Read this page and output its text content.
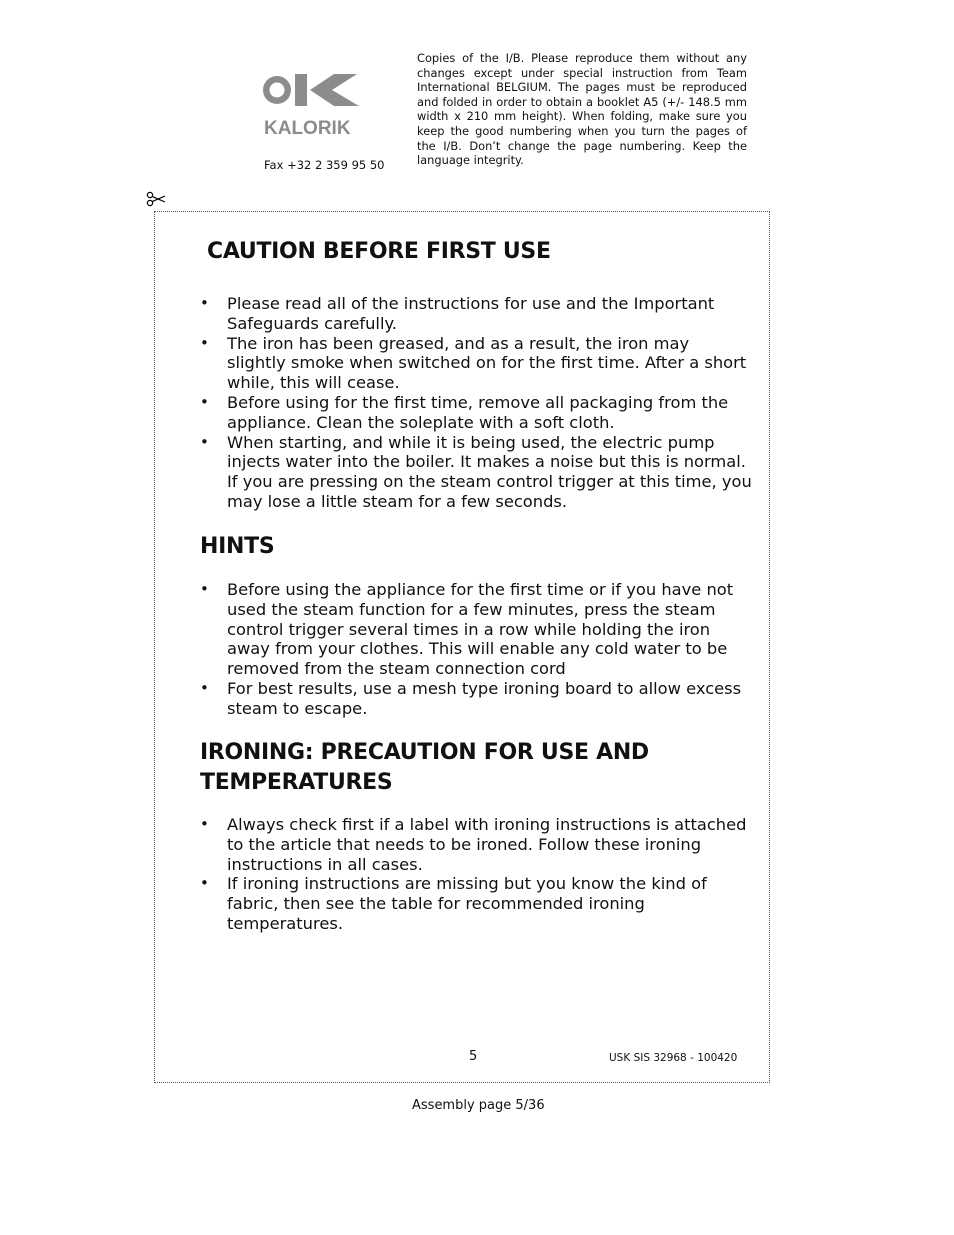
KALORIK
Fax +32 2 359 95 50
Copies of the I/B. Please reproduce them without any changes except under special instruction from Team International BELGIUM. The pages must be reproduced and folded in order to obtain a booklet A5 (+/- 148.5 mm width x 210 mm height). When folding, make sure you keep the good numbering when you turn the pages of the I/B. Don’t change the page numbering. Keep the language integrity.
CAUTION BEFORE FIRST USE
• Please read all of the instructions for use and the Important Safeguards carefully.
• The iron has been greased, and as a result, the iron may slightly smoke when switched on for the first time. After a short while, this will cease.
• Before using for the first time, remove all packaging from the appliance. Clean the soleplate with a soft cloth.
• When starting, and while it is being used, the electric pump injects water into the boiler. It makes a noise but this is normal. If you are pressing on the steam control trigger at this time, you may lose a little steam for a few seconds.
HINTS
• Before using the appliance for the first time or if you have not used the steam function for a few minutes, press the steam control trigger several times in a row while holding the iron away from your clothes. This will enable any cold water to be removed from the steam connection cord
• For best results, use a mesh type ironing board to allow excess steam to escape.
IRONING: PRECAUTION FOR USE AND
TEMPERATURES
• Always check first if a label with ironing instructions is attached to the article that needs to be ironed. Follow these ironing instructions in all cases.
• If ironing instructions are missing but you know the kind of fabric, then see the table for recommended ironing temperatures.
5	USK SIS 32968 - 100420
Assembly page 5/36
